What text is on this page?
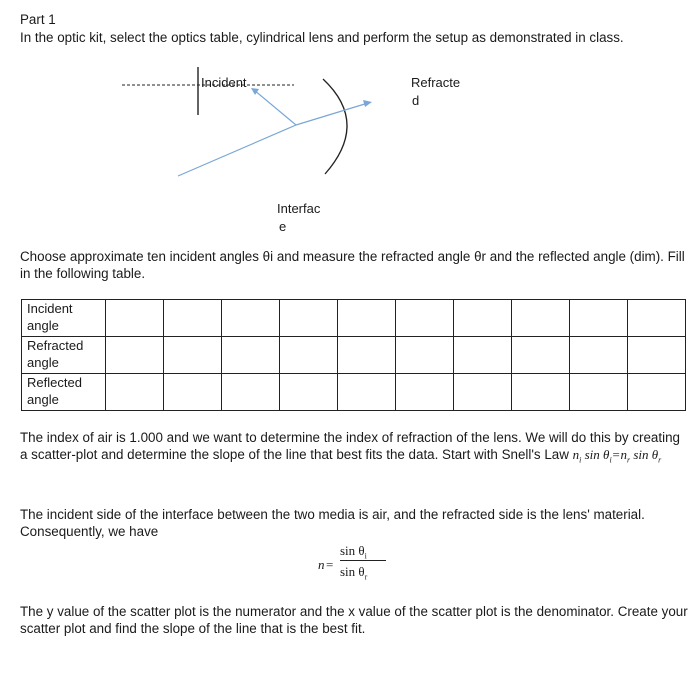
Part 1
In the optic kit, select the optics table, cylindrical lens and perform the setup as demonstrated in class.
Incident	Refracte
d
Interfac
e
Choose approximate ten incident angles θi and measure the refracted angle θr and the reflected angle (dim). Fill in the following table.
Incident
angle										

Refracted
angle										

Reflected
angle										

The index of air is 1.000 and we want to determine the index of refraction of the lens. We will do this by creating a scatter-plot and determine the slope of the line that best fits the data. Start with Snell's Law $n_i$ $\sin \theta_i=n_r$ $\sin \theta_r$
The incident side of the interface between the two media is air, and the refracted side is the lens' material. Consequently, we have
n =
$\sin \theta_i$
$\sin \theta_r$
The y value of the scatter plot is the numerator and the x value of the scatter plot is the denominator. Create your scatter plot and find the slope of the line that is the best fit.
